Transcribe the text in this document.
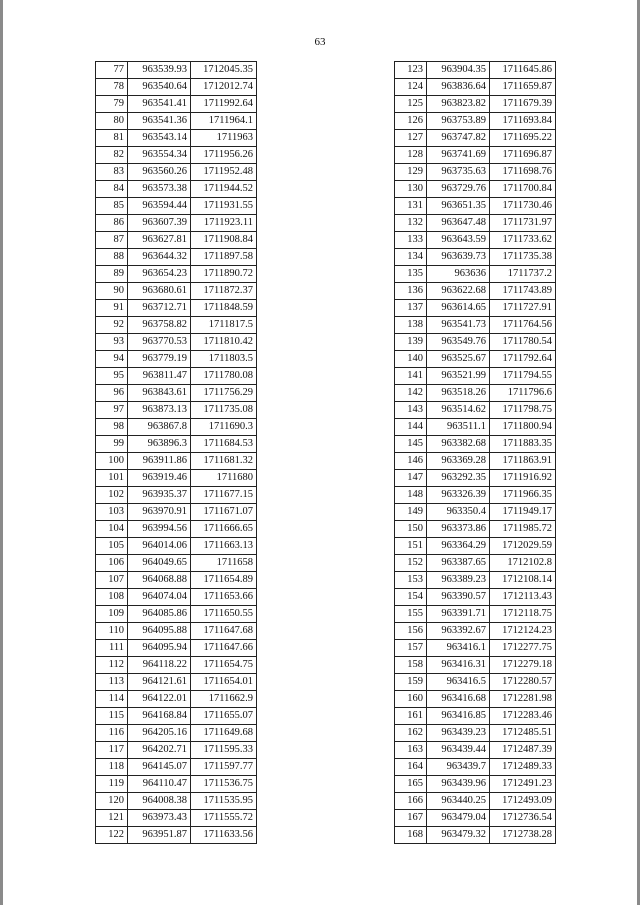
63
77	963539.93	1712045.35
78	963540.64	1712012.74
79	963541.41	1711992.64
80	963541.36	1711964.1
81	963543.14	1711963
82	963554.34	1711956.26
83	963560.26	1711952.48
84	963573.38	1711944.52
85	963594.44	1711931.55
86	963607.39	1711923.11
87	963627.81	1711908.84
88	963644.32	1711897.58
89	963654.23	1711890.72
90	963680.61	1711872.37
91	963712.71	1711848.59
92	963758.82	1711817.5
93	963770.53	1711810.42
94	963779.19	1711803.5
95	963811.47	1711780.08
96	963843.61	1711756.29
97	963873.13	1711735.08
98	963867.8	1711690.3
99	963896.3	1711684.53
100	963911.86	1711681.32
101	963919.46	1711680
102	963935.37	1711677.15
103	963970.91	1711671.07
104	963994.56	1711666.65
105	964014.06	1711663.13
106	964049.65	1711658
107	964068.88	1711654.89
108	964074.04	1711653.66
109	964085.86	1711650.55
110	964095.88	1711647.68
111	964095.94	1711647.66
112	964118.22	1711654.75
113	964121.61	1711654.01
114	964122.01	1711662.9
115	964168.84	1711655.07
116	964205.16	1711649.68
117	964202.71	1711595.33
118	964145.07	1711597.77
119	964110.47	1711536.75
120	964008.38	1711535.95
121	963973.43	1711555.72
122	963951.87	1711633.56
123	963904.35	1711645.86
124	963836.64	1711659.87
125	963823.82	1711679.39
126	963753.89	1711693.84
127	963747.82	1711695.22
128	963741.69	1711696.87
129	963735.63	1711698.76
130	963729.76	1711700.84
131	963651.35	1711730.46
132	963647.48	1711731.97
133	963643.59	1711733.62
134	963639.73	1711735.38
135	963636	1711737.2
136	963622.68	1711743.89
137	963614.65	1711727.91
138	963541.73	1711764.56
139	963549.76	1711780.54
140	963525.67	1711792.64
141	963521.99	1711794.55
142	963518.26	1711796.6
143	963514.62	1711798.75
144	963511.1	1711800.94
145	963382.68	1711883.35
146	963369.28	1711863.91
147	963292.35	1711916.92
148	963326.39	1711966.35
149	963350.4	1711949.17
150	963373.86	1711985.72
151	963364.29	1712029.59
152	963387.65	1712102.8
153	963389.23	1712108.14
154	963390.57	1712113.43
155	963391.71	1712118.75
156	963392.67	1712124.23
157	963416.1	1712277.75
158	963416.31	1712279.18
159	963416.5	1712280.57
160	963416.68	1712281.98
161	963416.85	1712283.46
162	963439.23	1712485.51
163	963439.44	1712487.39
164	963439.7	1712489.33
165	963439.96	1712491.23
166	963440.25	1712493.09
167	963479.04	1712736.54
168	963479.32	1712738.28
